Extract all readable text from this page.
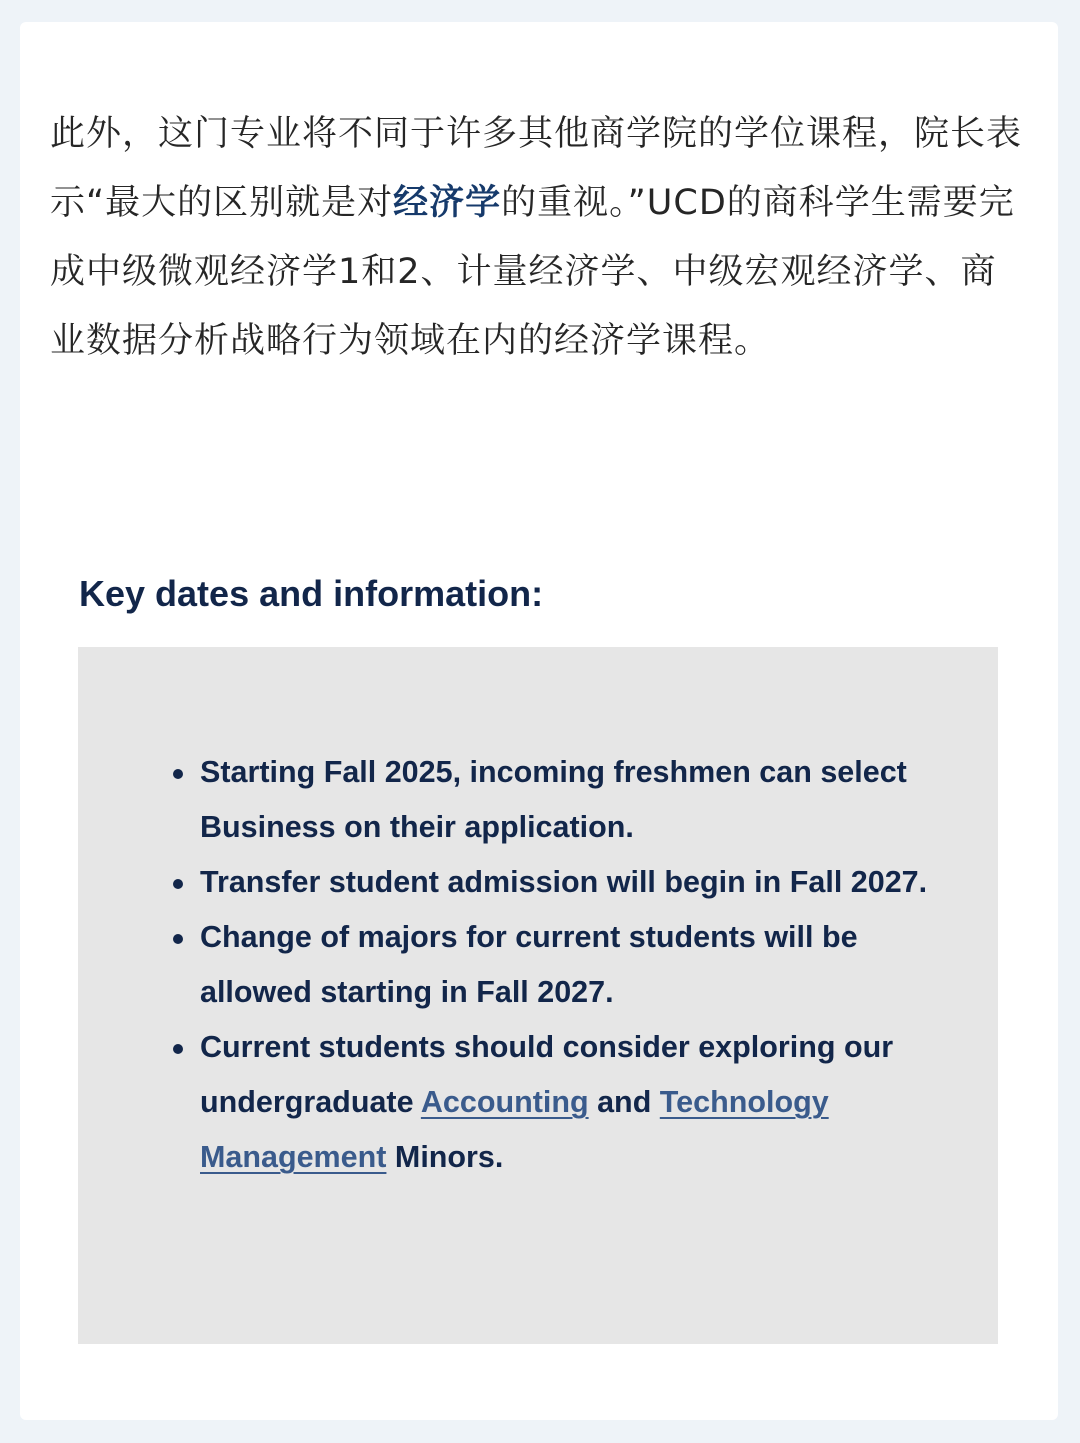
此外，这门专业将不同于许多其他商学院的学位课程，院长表示“最大的区别就是对经济学的重视。”UCD的商科学生需要完成中级微观经济学1和2、计量经济学、中级宏观经济学、商业数据分析战略行为领域在内的经济学课程。

Key dates and information:
Starting Fall 2025, incoming freshmen can select Business on their application.
Transfer student admission will begin in Fall 2027.
Change of majors for current students will be allowed starting in Fall 2027.
Current students should consider exploring our undergraduate Accounting and Technology Management Minors.
